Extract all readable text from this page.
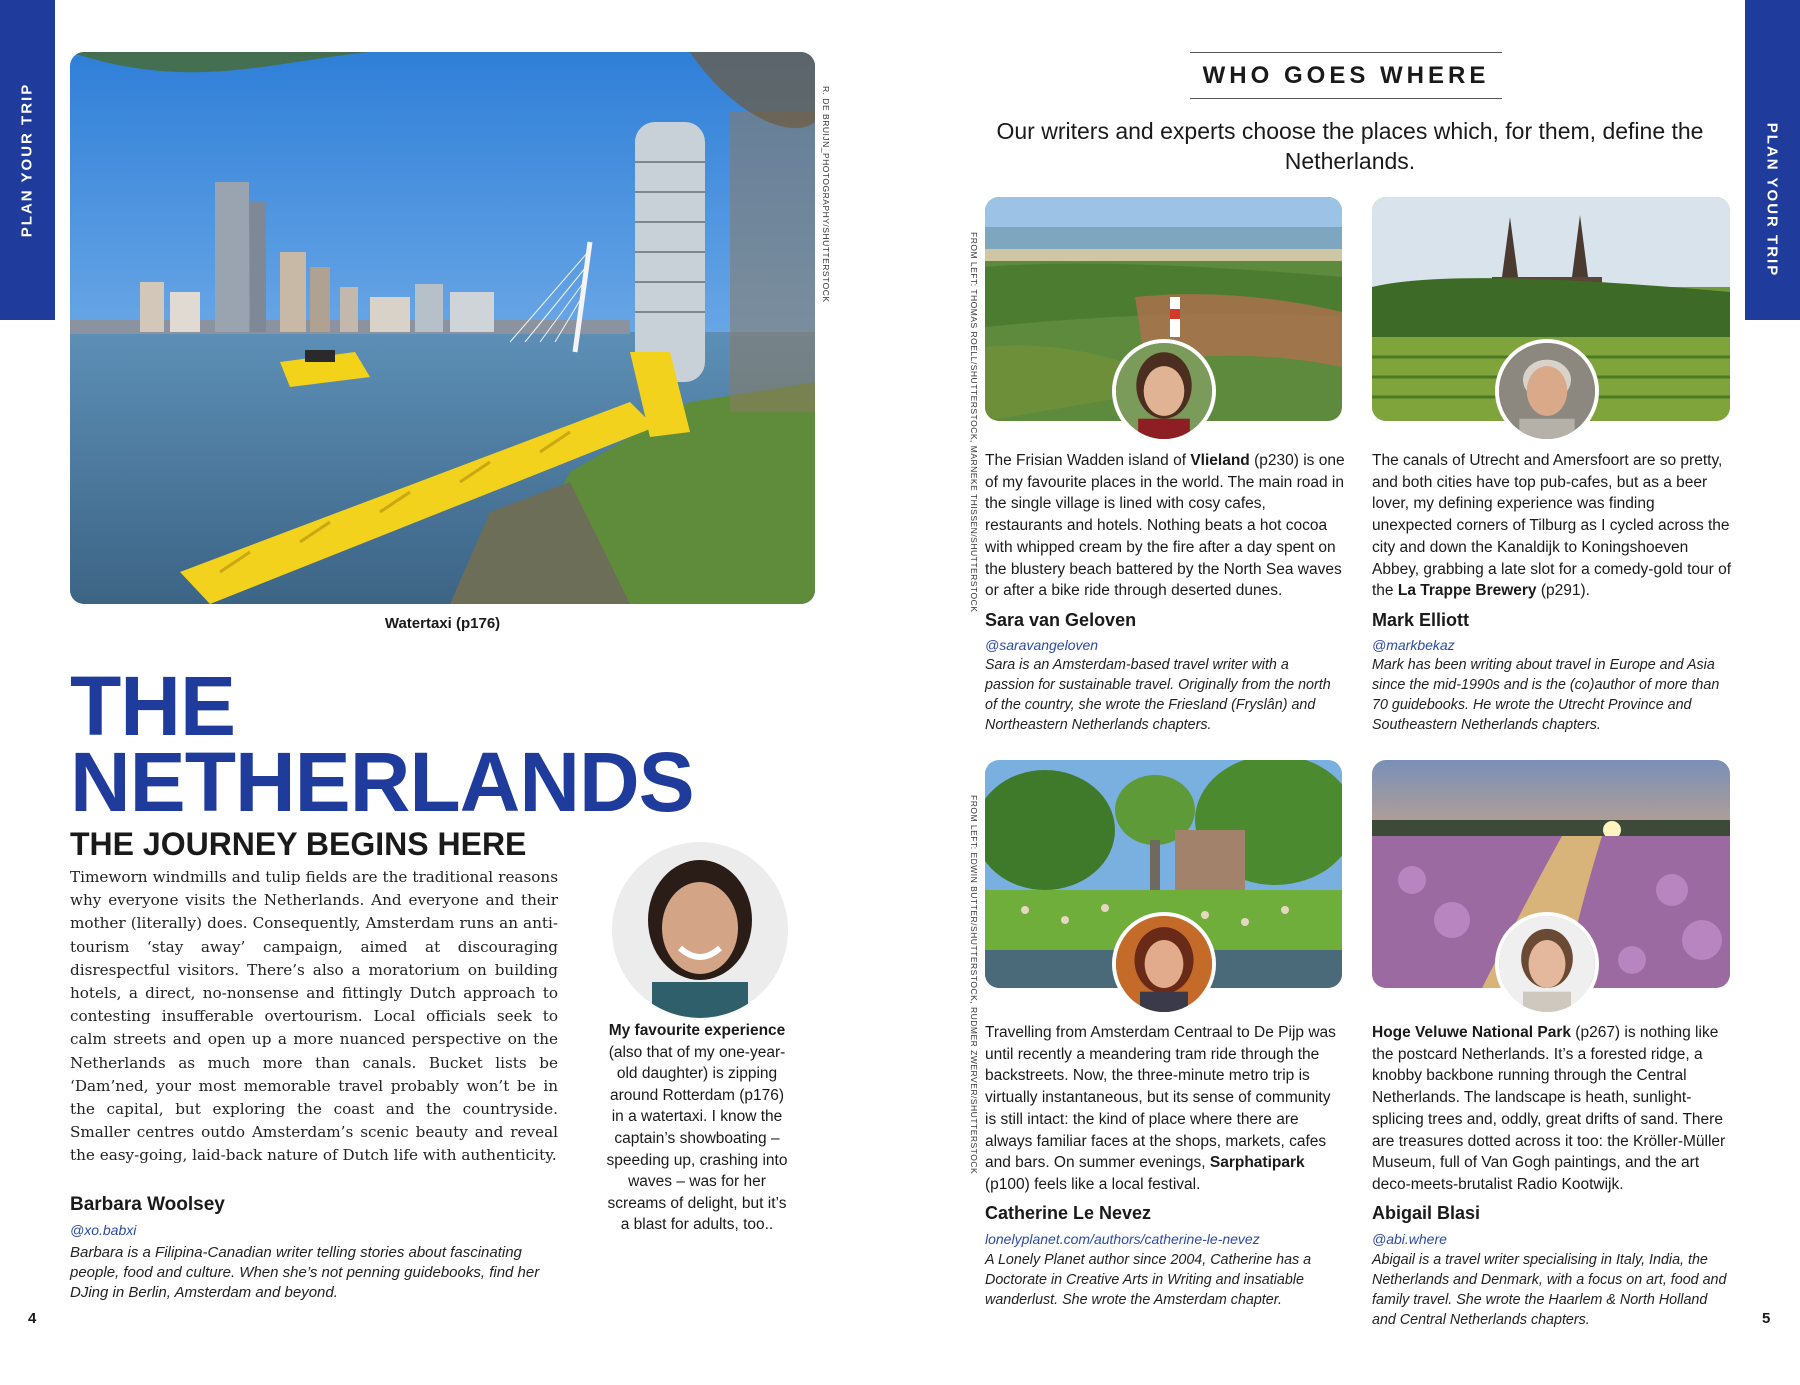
PLAN YOUR TRIP	PLAN YOUR TRIP
R. DE BRUIJN_PHOTOGRAPHY/SHUTTERSTOCK
Watertaxi (p176)
THE
NETHERLANDS
THE JOURNEY BEGINS HERE
Timeworn windmills and tulip fields are the traditional reasons why everyone visits the Netherlands. And everyone and their mother (literally) does. Consequently, Amsterdam runs an anti-tourism ‘stay away’ campaign, aimed at discouraging disrespectful visitors. There’s also a moratorium on building hotels, a direct, no-nonsense and fittingly Dutch approach to contesting insufferable overtourism. Local officials seek to calm streets and open up a more nuanced perspective on the Netherlands as much more than canals. Bucket lists be ‘Dam’ned, your most memorable travel probably won’t be in the capital, but exploring the coast and the countryside. Smaller centres outdo Amsterdam’s scenic beauty and reveal the easy-going, laid-back nature of Dutch life with authenticity.
Barbara Woolsey
@xo.babxi
Barbara is a Filipina-Canadian writer telling stories about fascinating people, food and culture. When she’s not penning guidebooks, find her DJing in Berlin, Amsterdam and beyond.
My favourite experience (also that of my one-year-old daughter) is zipping around Rotterdam (p176) in a watertaxi. I know the captain’s showboating – speeding up, crashing into waves – was for her screams of delight, but it’s a blast for adults, too..
4
WHO GOES WHERE
Our writers and experts choose the places which, for them, define the Netherlands.
FROM LEFT: THOMAS ROELL/SHUTTERSTOCK, MARNEKE THISSEN/SHUTTERSTOCK
FROM LEFT: EDWIN BUTTER/SHUTTERSTOCK, RUDMER ZWERVER/SHUTTERSTOCK
The Frisian Wadden island of Vlieland (p230) is one of my favourite places in the world. The main road in the single village is lined with cosy cafes, restaurants and hotels. Nothing beats a hot cocoa with whipped cream by the fire after a day spent on the blustery beach battered by the North Sea waves or after a bike ride through deserted dunes.
Sara van Geloven
@saravangeloven
Sara is an Amsterdam-based travel writer with a passion for sustainable travel. Originally from the north of the country, she wrote the Friesland (Fryslân) and Northeastern Netherlands chapters.
The canals of Utrecht and Amersfoort are so pretty, and both cities have top pub-cafes, but as a beer lover, my defining experience was finding unexpected corners of Tilburg as I cycled across the city and down the Kanaldijk to Koningshoeven Abbey, grabbing a late slot for a comedy-gold tour of the La Trappe Brewery (p291).
Mark Elliott
@markbekaz
Mark has been writing about travel in Europe and Asia since the mid-1990s and is the (co)author of more than 70 guidebooks. He wrote the Utrecht Province and Southeastern Netherlands chapters.
Travelling from Amsterdam Centraal to De Pijp was until recently a meandering tram ride through the backstreets. Now, the three-minute metro trip is virtually instantaneous, but its sense of community is still intact: the kind of place where there are always familiar faces at the shops, markets, cafes and bars. On summer evenings, Sarphatipark (p100) feels like a local festival.
Catherine Le Nevez
lonelyplanet.com/authors/catherine-le-nevez
A Lonely Planet author since 2004, Catherine has a Doctorate in Creative Arts in Writing and insatiable wanderlust. She wrote the Amsterdam chapter.
Hoge Veluwe National Park (p267) is nothing like the postcard Netherlands. It’s a forested ridge, a knobby backbone running through the Central Netherlands. The landscape is heath, sunlight-splicing trees and, oddly, great drifts of sand. There are treasures dotted across it too: the Kröller-Müller Museum, full of Van Gogh paintings, and the art deco-meets-brutalist Radio Kootwijk.
Abigail Blasi
@abi.where
Abigail is a travel writer specialising in Italy, India, the Netherlands and Denmark, with a focus on art, food and family travel. She wrote the Haarlem & North Holland and Central Netherlands chapters.	5
